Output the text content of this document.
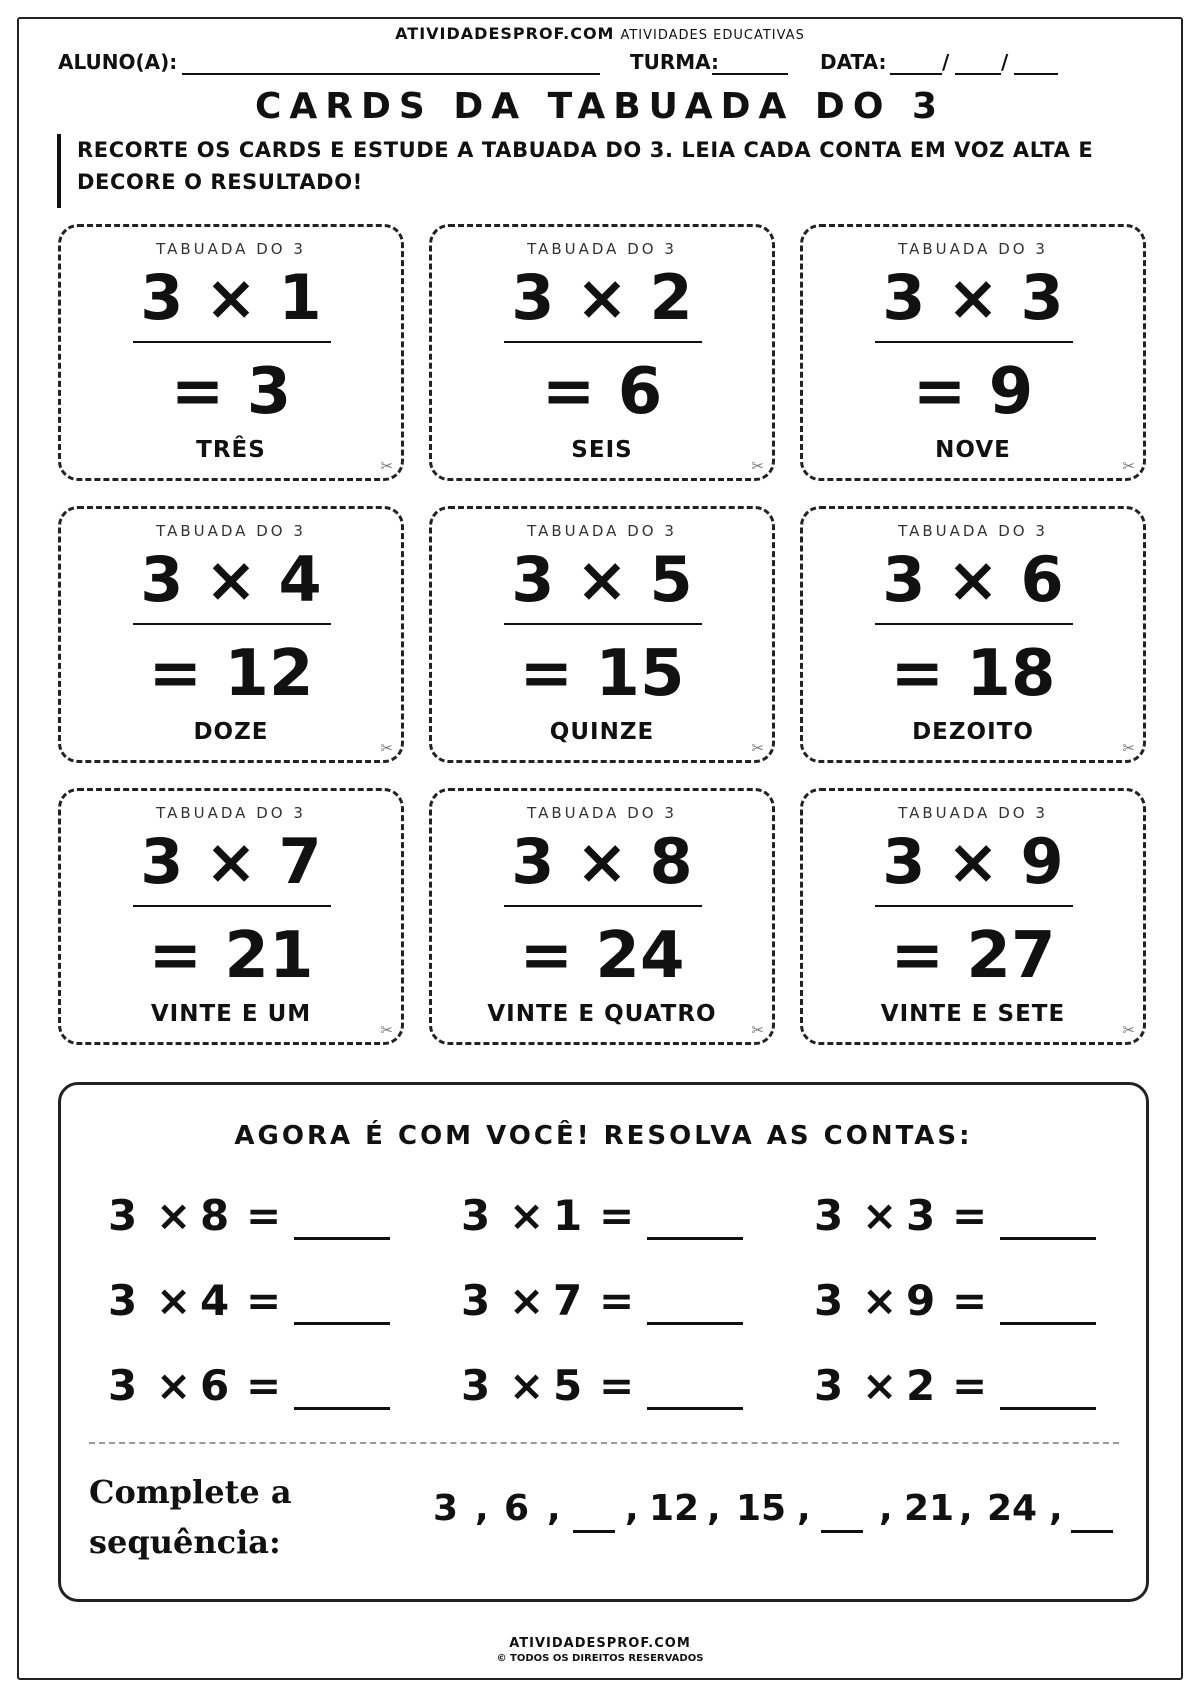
ATIVIDADESPROF.COM ATIVIDADES EDUCATIVAS
ALUNO(A):	TURMA:	DATA:	/	/
CARDS DA TABUADA DO 3
RECORTE OS CARDS E ESTUDE A TABUADA DO 3. LEIA CADA CONTA EM VOZ ALTA E DECORE O RESULTADO!
TABUADA DO 3
3 × 1
= 3
TRÊS
✂
TABUADA DO 3
3 × 2
= 6
SEIS
✂
TABUADA DO 3
3 × 3
= 9
NOVE
✂
TABUADA DO 3
3 × 4
= 12
DOZE
✂
TABUADA DO 3
3 × 5
= 15
QUINZE
✂
TABUADA DO 3
3 × 6
= 18
DEZOITO
✂
TABUADA DO 3
3 × 7
= 21
VINTE E UM
✂
TABUADA DO 3
3 × 8
= 24
VINTE E QUATRO
✂
TABUADA DO 3
3 × 9
= 27
VINTE E SETE
✂
AGORA É COM VOCÊ! RESOLVA AS CONTAS:
3 × 8 =	3 × 1 =	3 × 3 =
3 × 4 =	3 × 7 =	3 × 9 =
3 × 6 =	3 × 5 =	3 × 2 =
Complete a sequência:
3 , 6 , , 12 , 15 , , 21 , 24 ,
ATIVIDADESPROF.COM
© TODOS OS DIREITOS RESERVADOS
